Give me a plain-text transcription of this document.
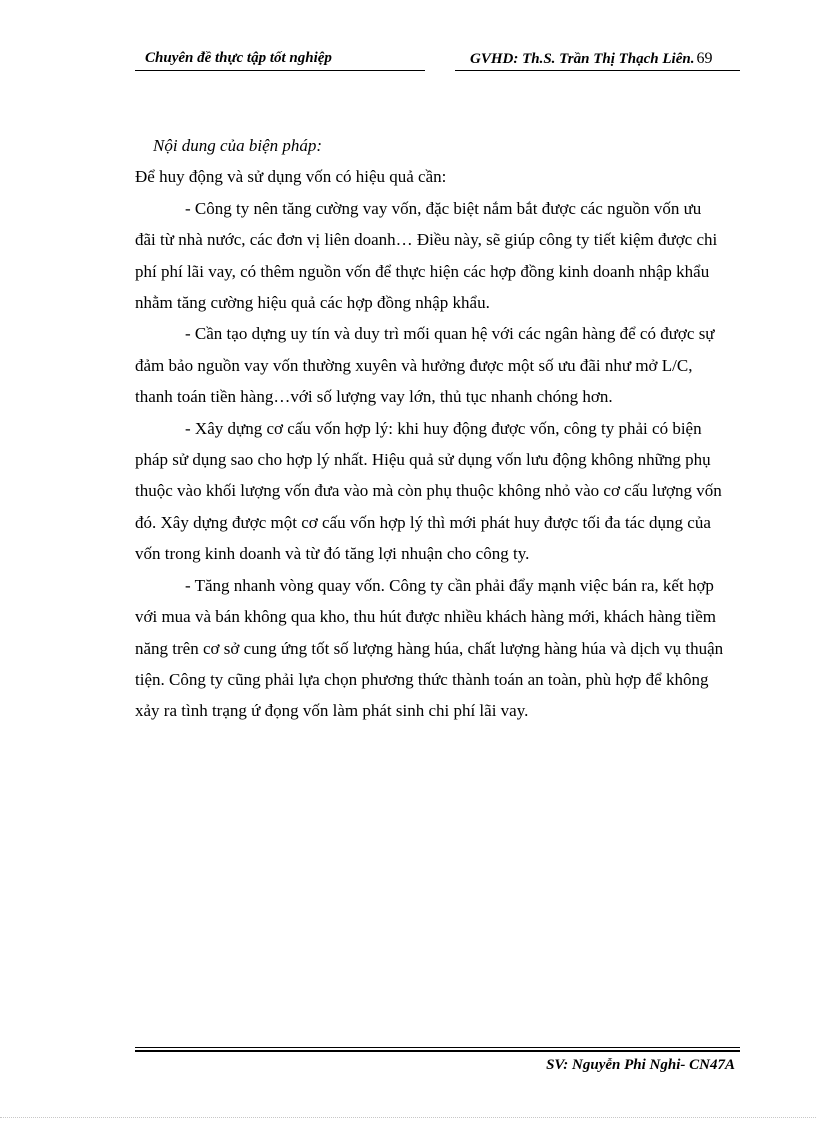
Chuyên đề thực tập tốt nghiệp	GVHD: Th.S. Trần Thị Thạch Liên. 69

Nội dung của biện pháp:

Để huy động và sử dụng vốn có hiệu quả cần:

- Công ty nên tăng cường vay vốn, đặc biệt nắm bắt được các nguồn vốn ưu đãi từ nhà nước, các đơn vị liên doanh… Điều này, sẽ giúp công ty tiết kiệm được chi phí phí lãi vay, có thêm nguồn vốn để thực hiện các hợp đồng kinh doanh nhập khẩu nhằm tăng cường hiệu quả các hợp đồng nhập khẩu.

- Cần tạo dựng uy tín và duy trì mối quan hệ với các ngân hàng để có được sự đảm bảo nguồn vay vốn thường xuyên và hưởng được một số ưu đãi như mở L/C, thanh toán tiền hàng…với số lượng vay lớn, thủ tục nhanh chóng hơn.

- Xây dựng cơ cấu vốn hợp lý: khi huy động được vốn, công ty phải có biện pháp sử dụng sao cho hợp lý nhất. Hiệu quả sử dụng vốn lưu động không những phụ thuộc vào khối lượng vốn đưa vào mà còn phụ thuộc không nhỏ vào cơ cấu lượng vốn đó. Xây dựng được một cơ cấu vốn hợp lý thì mới phát huy được tối đa tác dụng của vốn trong kinh doanh và từ đó tăng lợi nhuận cho công ty.

- Tăng nhanh vòng quay vốn. Công ty cần phải đẩy mạnh việc bán ra, kết hợp với mua và bán không qua kho, thu hút được nhiều khách hàng mới, khách hàng tiềm năng trên cơ sở cung ứng tốt số lượng hàng húa, chất lượng hàng húa và dịch vụ thuận tiện. Công ty cũng phải lựa chọn phương thức thành toán an toàn, phù hợp để không xảy ra tình trạng ứ đọng vốn làm phát sinh chi phí lãi vay.

SV: Nguyễn Phi Nghi- CN47A
